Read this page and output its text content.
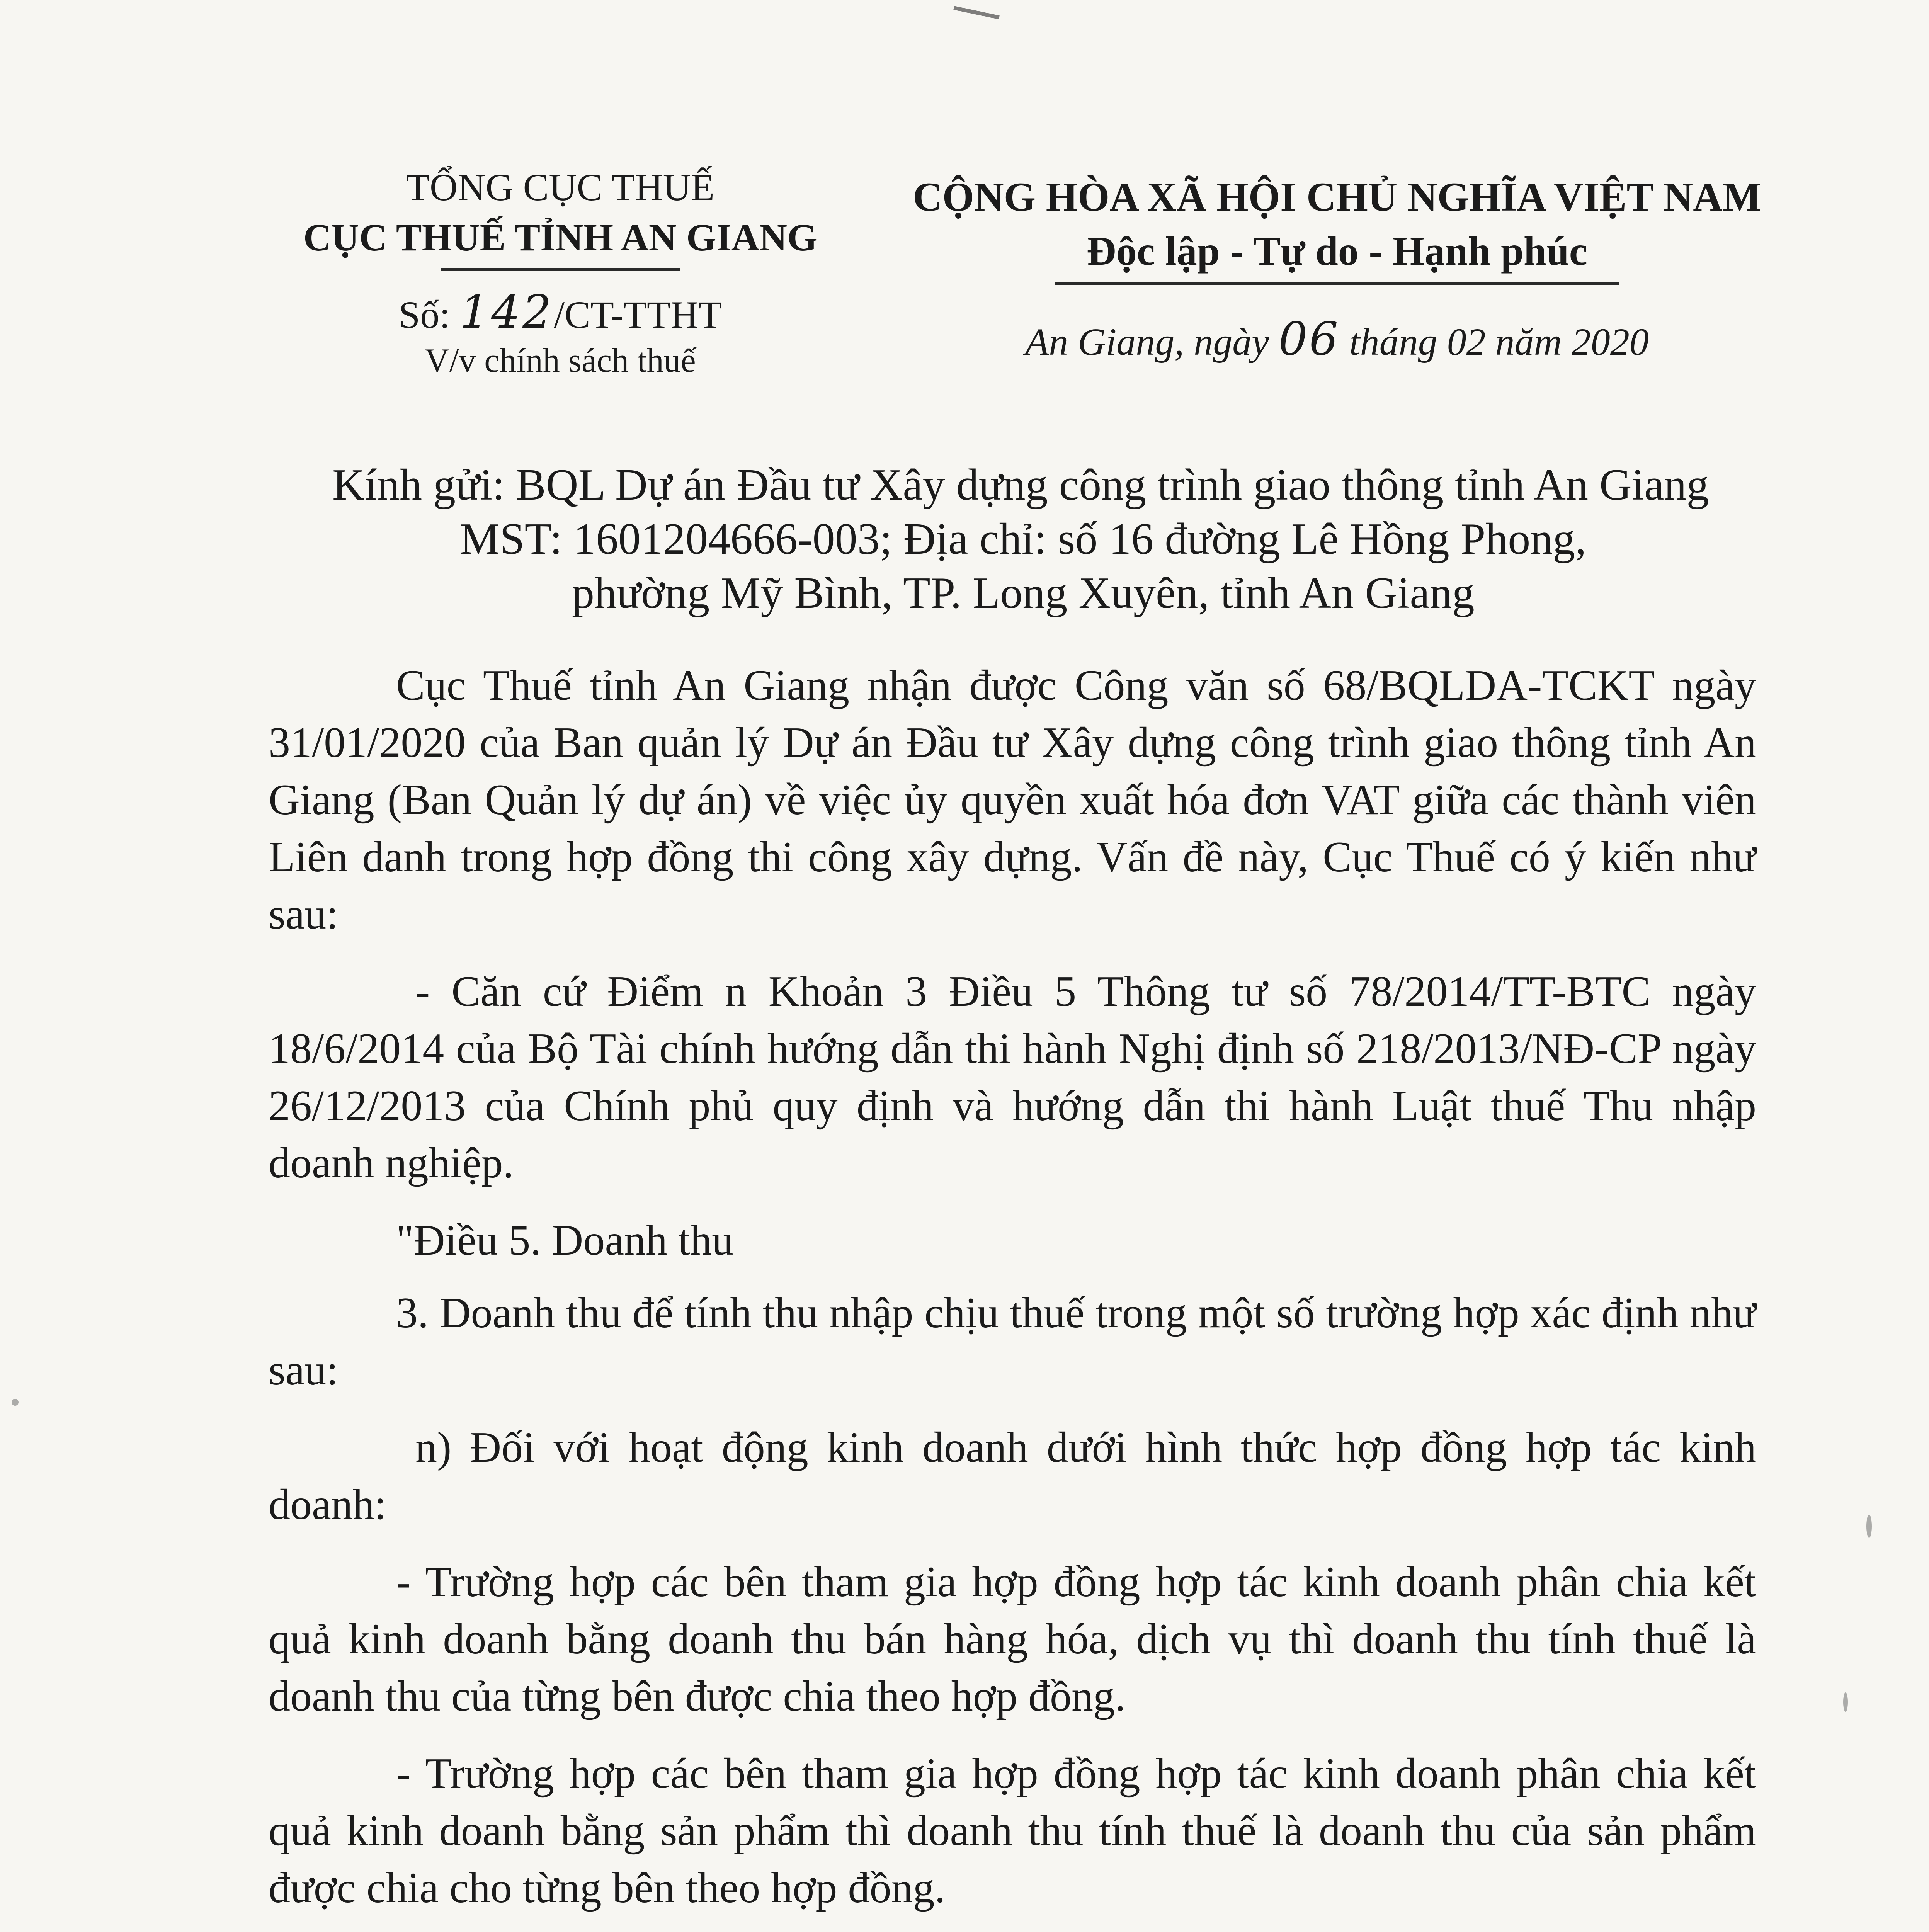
TỔNG CỤC THUẾ
CỤC THUẾ TỈNH AN GIANG
Số: 142/CT-TTHT
V/v chính sách thuế
CỘNG HÒA XÃ HỘI CHỦ NGHĨA VIỆT NAM
Độc lập - Tự do - Hạnh phúc
An Giang, ngày 06 tháng 02 năm 2020
Kính gửi: BQL Dự án Đầu tư Xây dựng công trình giao thông tỉnh An Giang
MST: 1601204666-003; Địa chỉ: số 16 đường Lê Hồng Phong,
phường Mỹ Bình, TP. Long Xuyên, tỉnh An Giang

Cục Thuế tỉnh An Giang nhận được Công văn số 68/BQLDA-TCKT ngày 31/01/2020 của Ban quản lý Dự án Đầu tư Xây dựng công trình giao thông tỉnh An Giang (Ban Quản lý dự án) về việc ủy quyền xuất hóa đơn VAT giữa các thành viên Liên danh trong hợp đồng thi công xây dựng. Vấn đề này, Cục Thuế có ý kiến như sau:

- Căn cứ Điểm n Khoản 3 Điều 5 Thông tư số 78/2014/TT-BTC ngày 18/6/2014 của Bộ Tài chính hướng dẫn thi hành Nghị định số 218/2013/NĐ-CP ngày 26/12/2013 của Chính phủ quy định và hướng dẫn thi hành Luật thuế Thu nhập doanh nghiệp.

"Điều 5. Doanh thu

3. Doanh thu để tính thu nhập chịu thuế trong một số trường hợp xác định như sau:

n) Đối với hoạt động kinh doanh dưới hình thức hợp đồng hợp tác kinh doanh:

- Trường hợp các bên tham gia hợp đồng hợp tác kinh doanh phân chia kết quả kinh doanh bằng doanh thu bán hàng hóa, dịch vụ thì doanh thu tính thuế là doanh thu của từng bên được chia theo hợp đồng.

- Trường hợp các bên tham gia hợp đồng hợp tác kinh doanh phân chia kết quả kinh doanh bằng sản phẩm thì doanh thu tính thuế là doanh thu của sản phẩm được chia cho từng bên theo hợp đồng.
